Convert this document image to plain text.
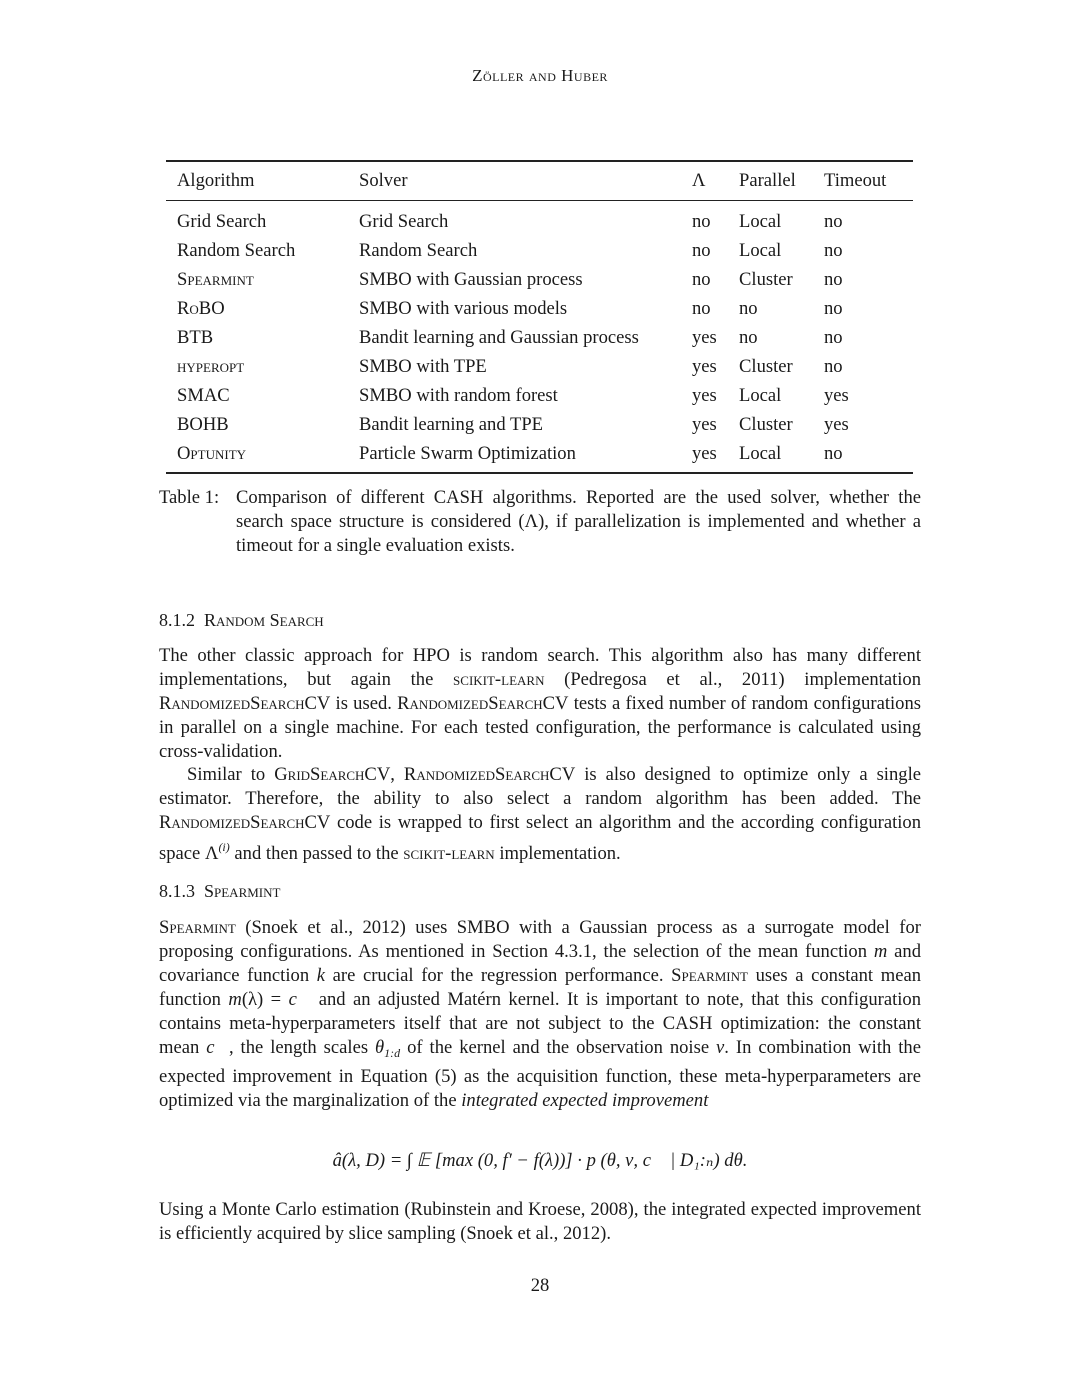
Zöller and Huber
Algorithm	Solver	Λ	Parallel	Timeout
Grid Search	Grid Search	no	Local	no
Random Search	Random Search	no	Local	no
Spearmint	SMBO with Gaussian process	no	Cluster	no
RoBO	SMBO with various models	no	no	no
BTB	Bandit learning and Gaussian process	yes	no	no
hyperopt	SMBO with TPE	yes	Cluster	no
SMAC	SMBO with random forest	yes	Local	yes
BOHB	Bandit learning and TPE	yes	Cluster	yes
Optunity	Particle Swarm Optimization	yes	Local	no
Table 1: Comparison of different CASH algorithms. Reported are the used solver, whether the search space structure is considered (Λ), if parallelization is implemented and whether a timeout for a single evaluation exists.
8.1.2 Random Search
The other classic approach for HPO is random search. This algorithm also has many different implementations, but again the scikit-learn (Pedregosa et al., 2011) implementation RandomizedSearchCV is used. RandomizedSearchCV tests a fixed number of random configurations in parallel on a single machine. For each tested configuration, the performance is calculated using cross-validation.
Similar to GridSearchCV, RandomizedSearchCV is also designed to optimize only a single estimator. Therefore, the ability to also select a random algorithm has been added. The RandomizedSearchCV code is wrapped to first select an algorithm and the according configuration space $\Lambda^{(i)}$ and then passed to the scikit-learn implementation.
8.1.3 Spearmint
Spearmint (Snoek et al., 2012) uses SMBO with a Gaussian process as a surrogate model for proposing configurations. As mentioned in Section 4.3.1, the selection of the mean function m and covariance function k are crucial for the regression performance. Spearmint uses a constant mean function m(λ) = c⃗ and an adjusted Matérn kernel. It is important to note, that this configuration contains meta-hyperparameters itself that are not subject to the CASH optimization: the constant mean c⃗, the length scales $\theta_{1:d}$ of the kernel and the observation noise ν. In combination with the expected improvement in Equation (5) as the acquisition function, these meta-hyperparameters are optimized via the marginalization of the integrated expected improvement
â(λ, D) = ∫ 𝔼 [max (0, f′ − f(λ))] · p (θ, ν, c⃗ | D₁:ₙ) dθ.
Using a Monte Carlo estimation (Rubinstein and Kroese, 2008), the integrated expected improvement is efficiently acquired by slice sampling (Snoek et al., 2012).
28
